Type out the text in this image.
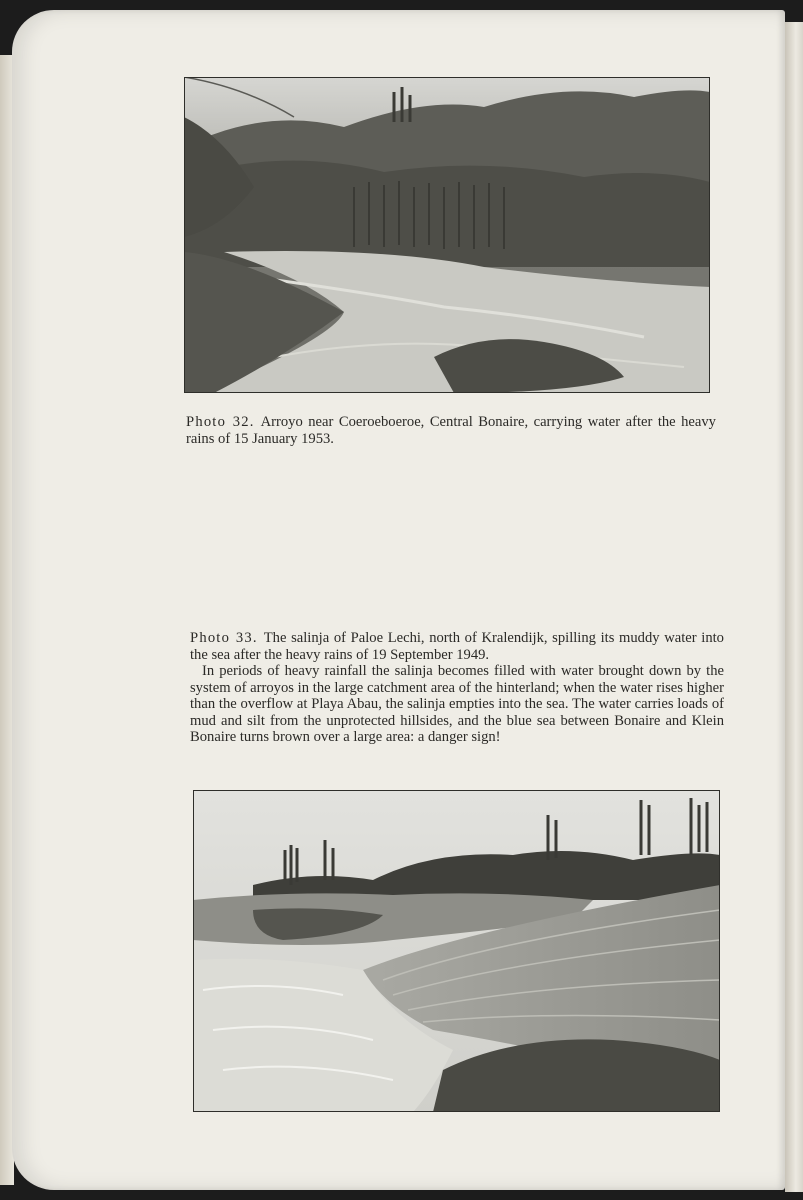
Photo 32. Arroyo near Coeroeboeroe, Central Bonaire, carrying water after the heavy rains of 15 January 1953.

Photo 33. The salinja of Paloe Lechi, north of Kralendijk, spilling its muddy water into the sea after the heavy rains of 19 September 1949.

In periods of heavy rainfall the salinja becomes filled with water brought down by the system of arroyos in the large catchment area of the hinterland; when the water rises higher than the overflow at Playa Abau, the salinja empties into the sea. The water carries loads of mud and silt from the unprotected hillsides, and the blue sea between Bonaire and Klein Bonaire turns brown over a large area: a danger sign!
